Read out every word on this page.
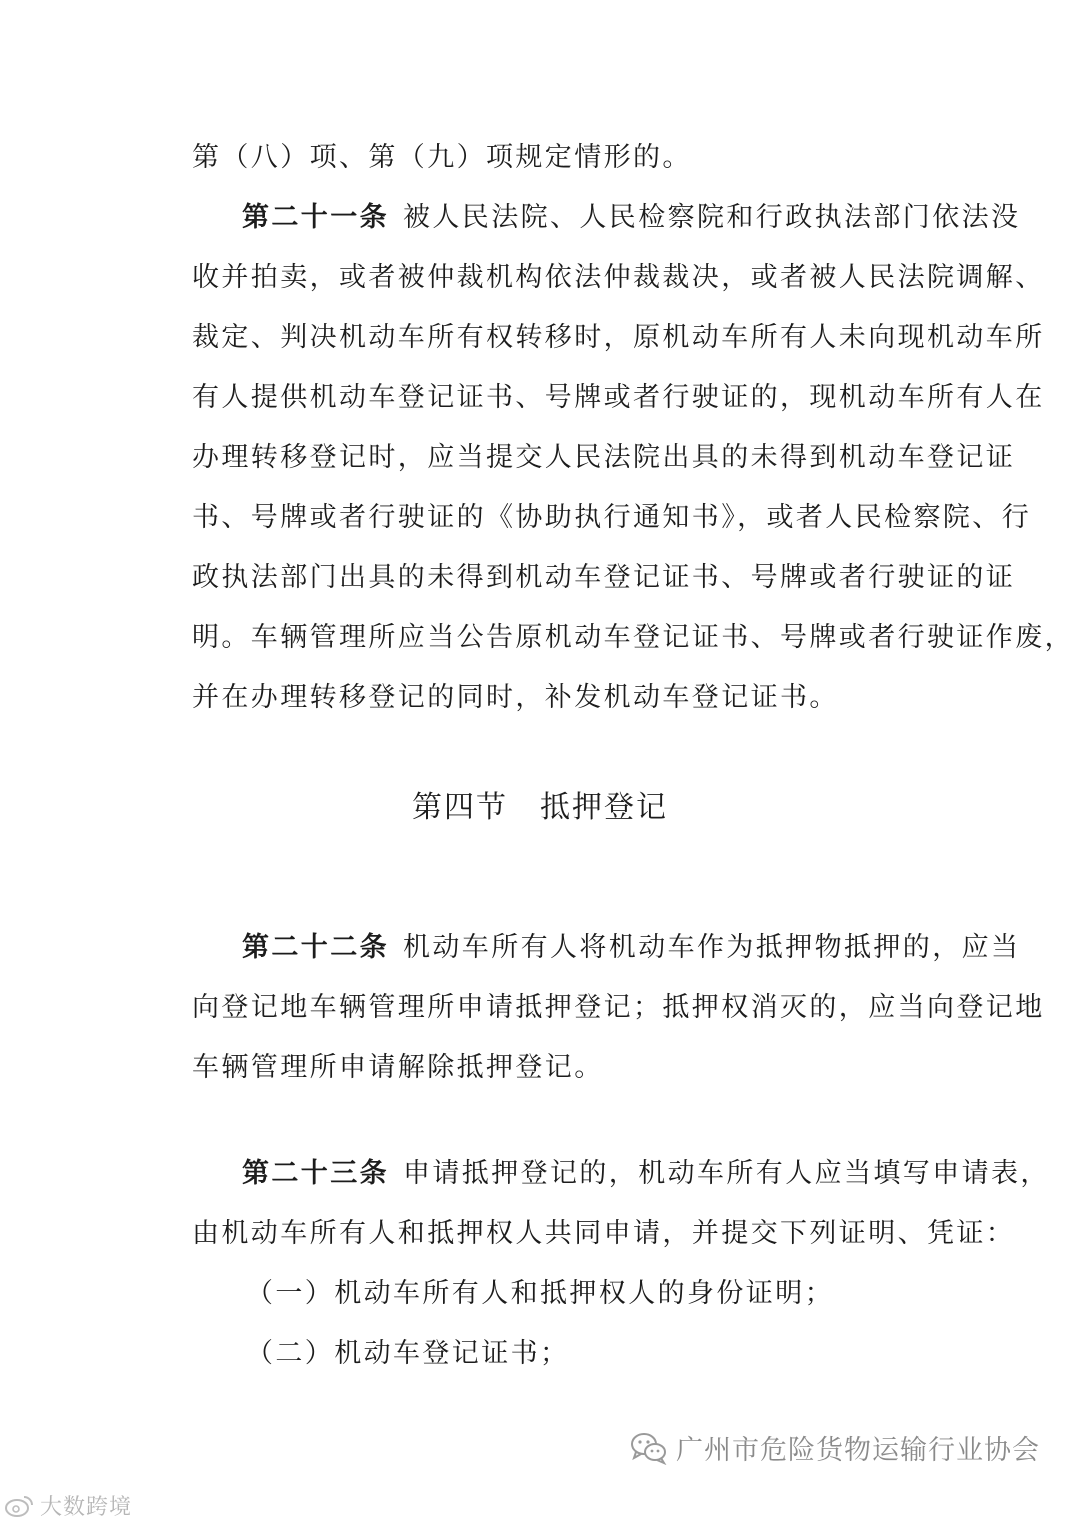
第（八）项、第（九）项规定情形的。
第二十一条 被人民法院、人民检察院和行政执法部门依法没
收并拍卖，或者被仲裁机构依法仲裁裁决，或者被人民法院调解、
裁定、判决机动车所有权转移时，原机动车所有人未向现机动车所
有人提供机动车登记证书、号牌或者行驶证的，现机动车所有人在
办理转移登记时，应当提交人民法院出具的未得到机动车登记证
书、号牌或者行驶证的《协助执行通知书》，或者人民检察院、行
政执法部门出具的未得到机动车登记证书、号牌或者行驶证的证
明。车辆管理所应当公告原机动车登记证书、号牌或者行驶证作废，
并在办理转移登记的同时，补发机动车登记证书。
第四节　抵押登记
第二十二条 机动车所有人将机动车作为抵押物抵押的，应当
向登记地车辆管理所申请抵押登记；抵押权消灭的，应当向登记地
车辆管理所申请解除抵押登记。
第二十三条 申请抵押登记的，机动车所有人应当填写申请表，
由机动车所有人和抵押权人共同申请，并提交下列证明、凭证：
（一）机动车所有人和抵押权人的身份证明；
（二）机动车登记证书；
广州市危险货物运输行业协会
大数跨境
